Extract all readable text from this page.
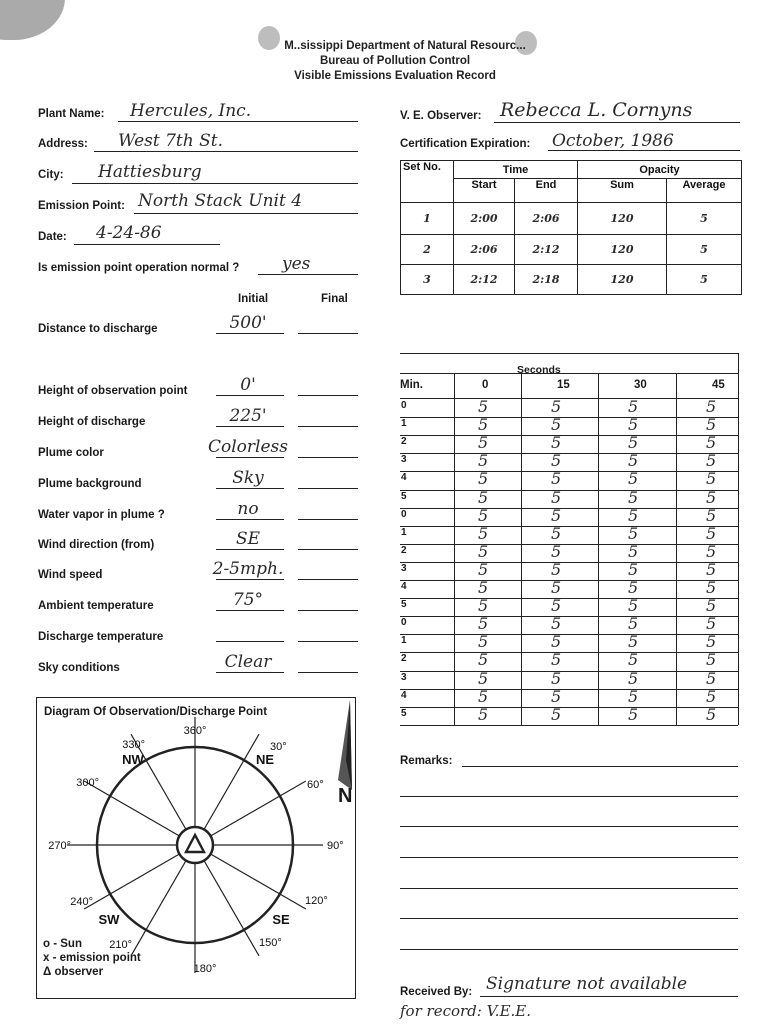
M..sissippi Department of Natural Resourc...
Bureau of Pollution Control
Visible Emissions Evaluation Record
Plant Name: Hercules, Inc.
Address: West 7th St.
City: Hattiesburg
Emission Point: North Stack Unit 4
Date: 4-24-86
Is emission point operation normal ?	yes
Initial	Final
Distance to discharge	500'
Height of observation point	0'
Height of discharge	225'
Plume color	Colorless
Plume background	Sky
Water vapor in plume ?	no
Wind direction (from)	SE
Wind speed	2-5mph.
Ambient temperature	75°
Discharge temperature
Sky conditions	Clear
V. E. Observer: Rebecca L. Cornyns
Certification Expiration: October, 1986
Set No.	Time		Opacity	
	Start	End	Sum	Average
1	2:00	2:06	120	5
2	2:06	2:12	120	5
3	2:12	2:18	120	5
Seconds
Min.	0	15	30	45
0	5	5	5	5
1	5	5	5	5
2	5	5	5	5
3	5	5	5	5
4	5	5	5	5
5	5	5	5	5
0	5	5	5	5
1	5	5	5	5
2	5	5	5	5
3	5	5	5	5
4	5	5	5	5
5	5	5	5	5
0	5	5	5	5
1	5	5	5	5
2	5	5	5	5
3	5	5	5	5
4	5	5	5	5
5	5	5	5	5
Diagram Of Observation/Discharge Point
360°
30°
60°
90°
120°
150°
180°
210°
240°
270°
300°
330°
NW	NE
SW	SE
o - Sun
x - emission point
Δ observer
N
Remarks:
Received By: Signature not available
for record: V.E.E.
